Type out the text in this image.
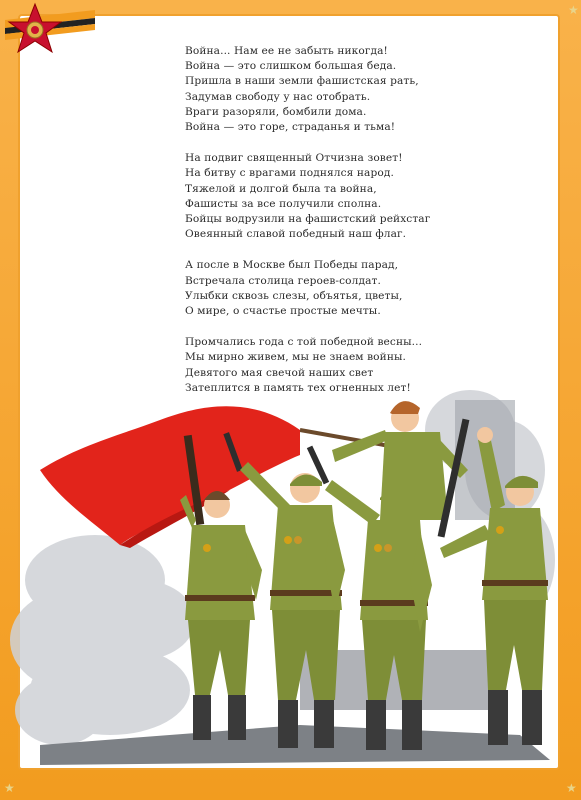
Война... Нам ее не забыть никогда!
Война — это слишком большая беда.
Пришла в наши земли фашистская рать,
Задумав свободу у нас отобрать.
Враги разоряли, бомбили дома.
Война — это горе, страданья и тьма!
На подвиг священный Отчизна зовет!
На битву с врагами поднялся народ.
Тяжелой и долгой была та война,
Фашисты за все получили сполна.
Бойцы водрузили на фашистский рейхстаг
Овеянный славой победный наш флаг.
А после в Москве был Победы парад,
Встречала столица героев-солдат.
Улыбки сквозь слезы, объятья, цветы,
О мире, о счастье простые мечты.
Промчались года с той победной весны...
Мы мирно живем, мы не знаем войны.
Девятого мая свечой наших свет
Затеплится в память тех огненных лет!
★
★	★
